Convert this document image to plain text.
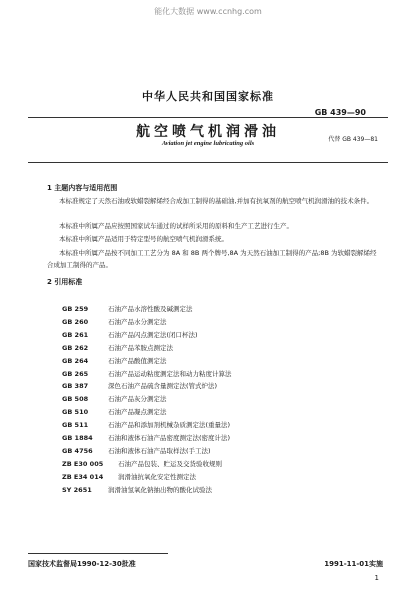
能化大数据 www.ccnhg.com
中华人民共和国国家标准
GB 439—90
航空喷气机润滑油	代替 GB 439—81
Aviation jet engine lubricating oils
1 主题内容与适用范围
本标准规定了天然石油或软蜡裂解烯经合成加工制得的基础油,并加有抗氧剂的航空喷气机润滑油的技术条件。
本标准中所属产品应按照国家试车通过的试样所采用的原料和生产工艺进行生产。
本标准中所属产品适用于特定型号的航空喷气机润滑系统。
本标准中所属产品按不同加工工艺分为 8A 和 8B 两个牌号,8A 为天然石油加工制得的产品;8B 为软蜡裂解烯经合成加工制得的产品。
2 引用标准
GB 259	石油产品水溶性酸及碱测定法
GB 260	石油产品水分测定法
GB 261	石油产品闪点测定法(闭口杯法)
GB 262	石油产品苯胺点测定法
GB 264	石油产品酸值测定法
GB 265	石油产品运动粘度测定法和动力粘度计算法
GB 387	深色石油产品硫含量测定法(管式炉法)
GB 508	石油产品灰分测定法
GB 510	石油产品凝点测定法
GB 511	石油产品和添加剂机械杂质测定法(重量法)
GB 1884 石油和液体石油产品密度测定法(密度计法)
GB 4756 石油和液体石油产品取样法(手工法)
ZB E30 005 石油产品包装、贮运及交货验收规则
ZB E34 014 润滑油抗氧化安定性测定法
SY 2651	润滑油氢氧化钠抽出物的酸化试验法
国家技术监督局1990-12-30批准	1991-11-01实施
1
